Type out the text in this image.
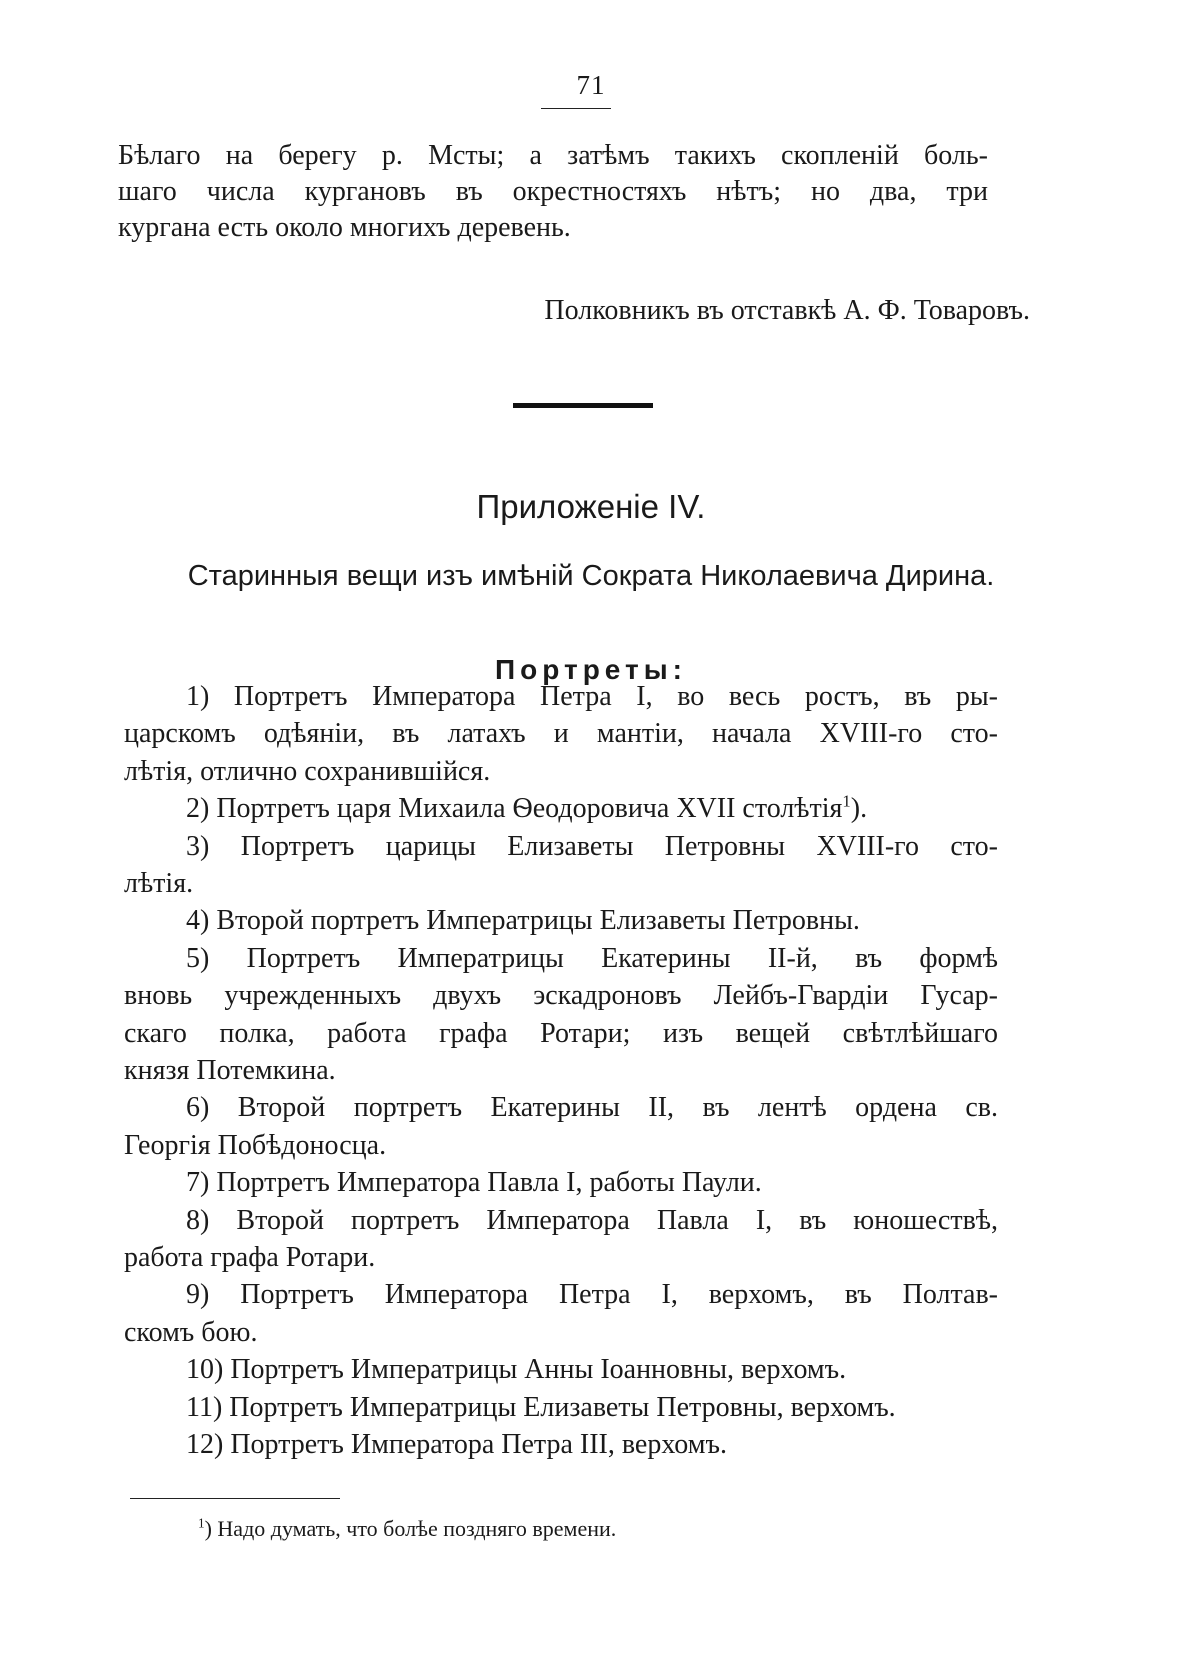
71
Бѣлаго на берегу р. Мсты; а затѣмъ такихъ скопленій боль-
шаго числа кургановъ въ окрестностяхъ нѣтъ; но два, три
кургана есть около многихъ деревень.
Полковникъ въ отставкѣ А. Ф. Товаровъ.
Приложеніе IV.
Старинныя вещи изъ имѣній Сократа Николаевича Дирина.
Портреты:
1) Портретъ Императора Петра I, во весь ростъ, въ ры-
царскомъ одѣяніи, въ латахъ и мантіи, начала XVIII-го сто-
лѣтія, отлично сохранившійся.
2) Портретъ царя Михаила Ѳеодоровича XVII столѣтія$^1$).
3) Портретъ царицы Елизаветы Петровны XVIII-го сто-
лѣтія.
4) Второй портретъ Императрицы Елизаветы Петровны.
5) Портретъ Императрицы Екатерины II-й, въ формѣ
вновь учрежденныхъ двухъ эскадроновъ Лейбъ-Гвардіи Гусар-
скаго полка, работа графа Ротари; изъ вещей свѣтлѣйшаго
князя Потемкина.
6) Второй портретъ Екатерины II, въ лентѣ ордена св.
Георгія Побѣдоносца.
7) Портретъ Императора Павла I, работы Паули.
8) Второй портретъ Императора Павла I, въ юношествѣ,
работа графа Ротари.
9) Портретъ Императора Петра I, верхомъ, въ Полтав-
скомъ бою.
10) Портретъ Императрицы Анны Іоанновны, верхомъ.
11) Портретъ Императрицы Елизаветы Петровны, верхомъ.
12) Портретъ Императора Петра III, верхомъ.
$^1$) Надо думать, что болѣе поздняго времени.
